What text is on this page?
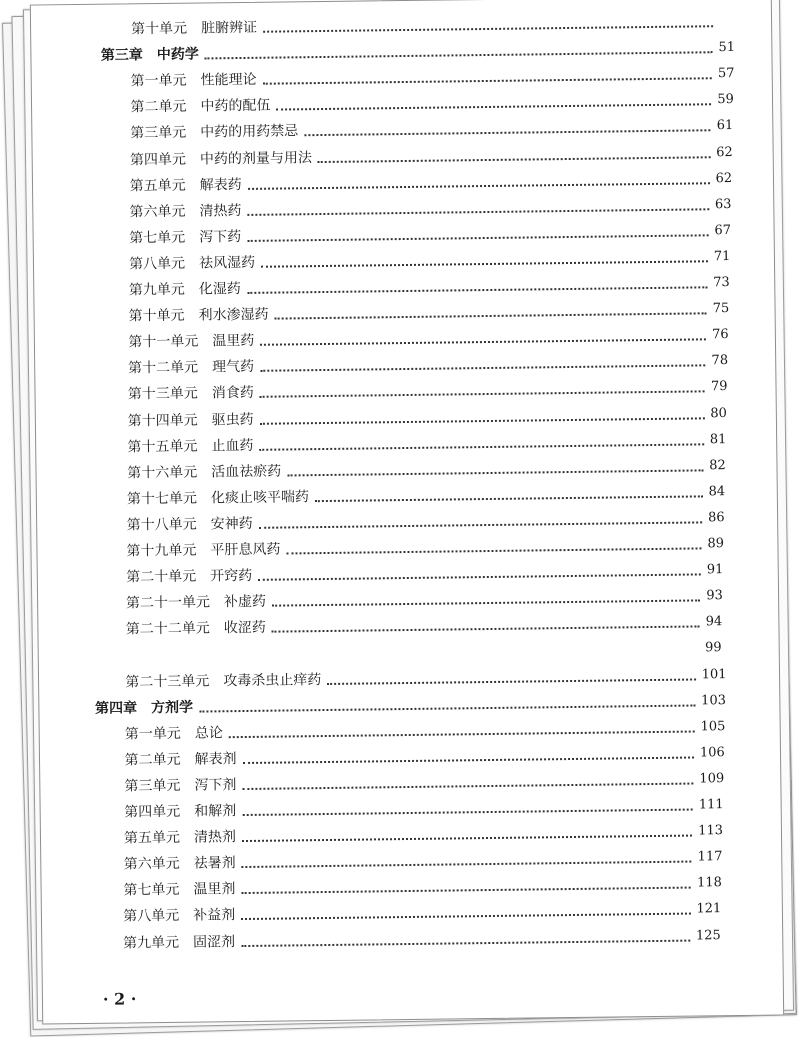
第十单元 脏腑辨证
第三章 中药学	51
第一单元 性能理论	57
第二单元 中药的配伍	59
第三单元 中药的用药禁忌	61
第四单元 中药的剂量与用法	62
第五单元 解表药	62
第六单元 清热药	63
第七单元 泻下药	67
第八单元 祛风湿药	71
第九单元 化湿药	73
第十单元 利水渗湿药	75
第十一单元 温里药	76
第十二单元 理气药	78
第十三单元 消食药	79
第十四单元 驱虫药	80
第十五单元 止血药	81
第十六单元 活血祛瘀药	82
第十七单元 化痰止咳平喘药	84
第十八单元 安神药	86
第十九单元 平肝息风药	89
第二十单元 开窍药	91
第二十一单元 补虚药	93
第二十二单元 收涩药	94
99
第二十三单元 攻毒杀虫止痒药	101
第四章 方剂学	103
第一单元 总论	105
第二单元 解表剂	106
第三单元 泻下剂	109
第四单元 和解剂	111
第五单元 清热剂	113
第六单元 祛暑剂	117
第七单元 温里剂	118
第八单元 补益剂	121
第九单元 固涩剂	125
· 2 ·
